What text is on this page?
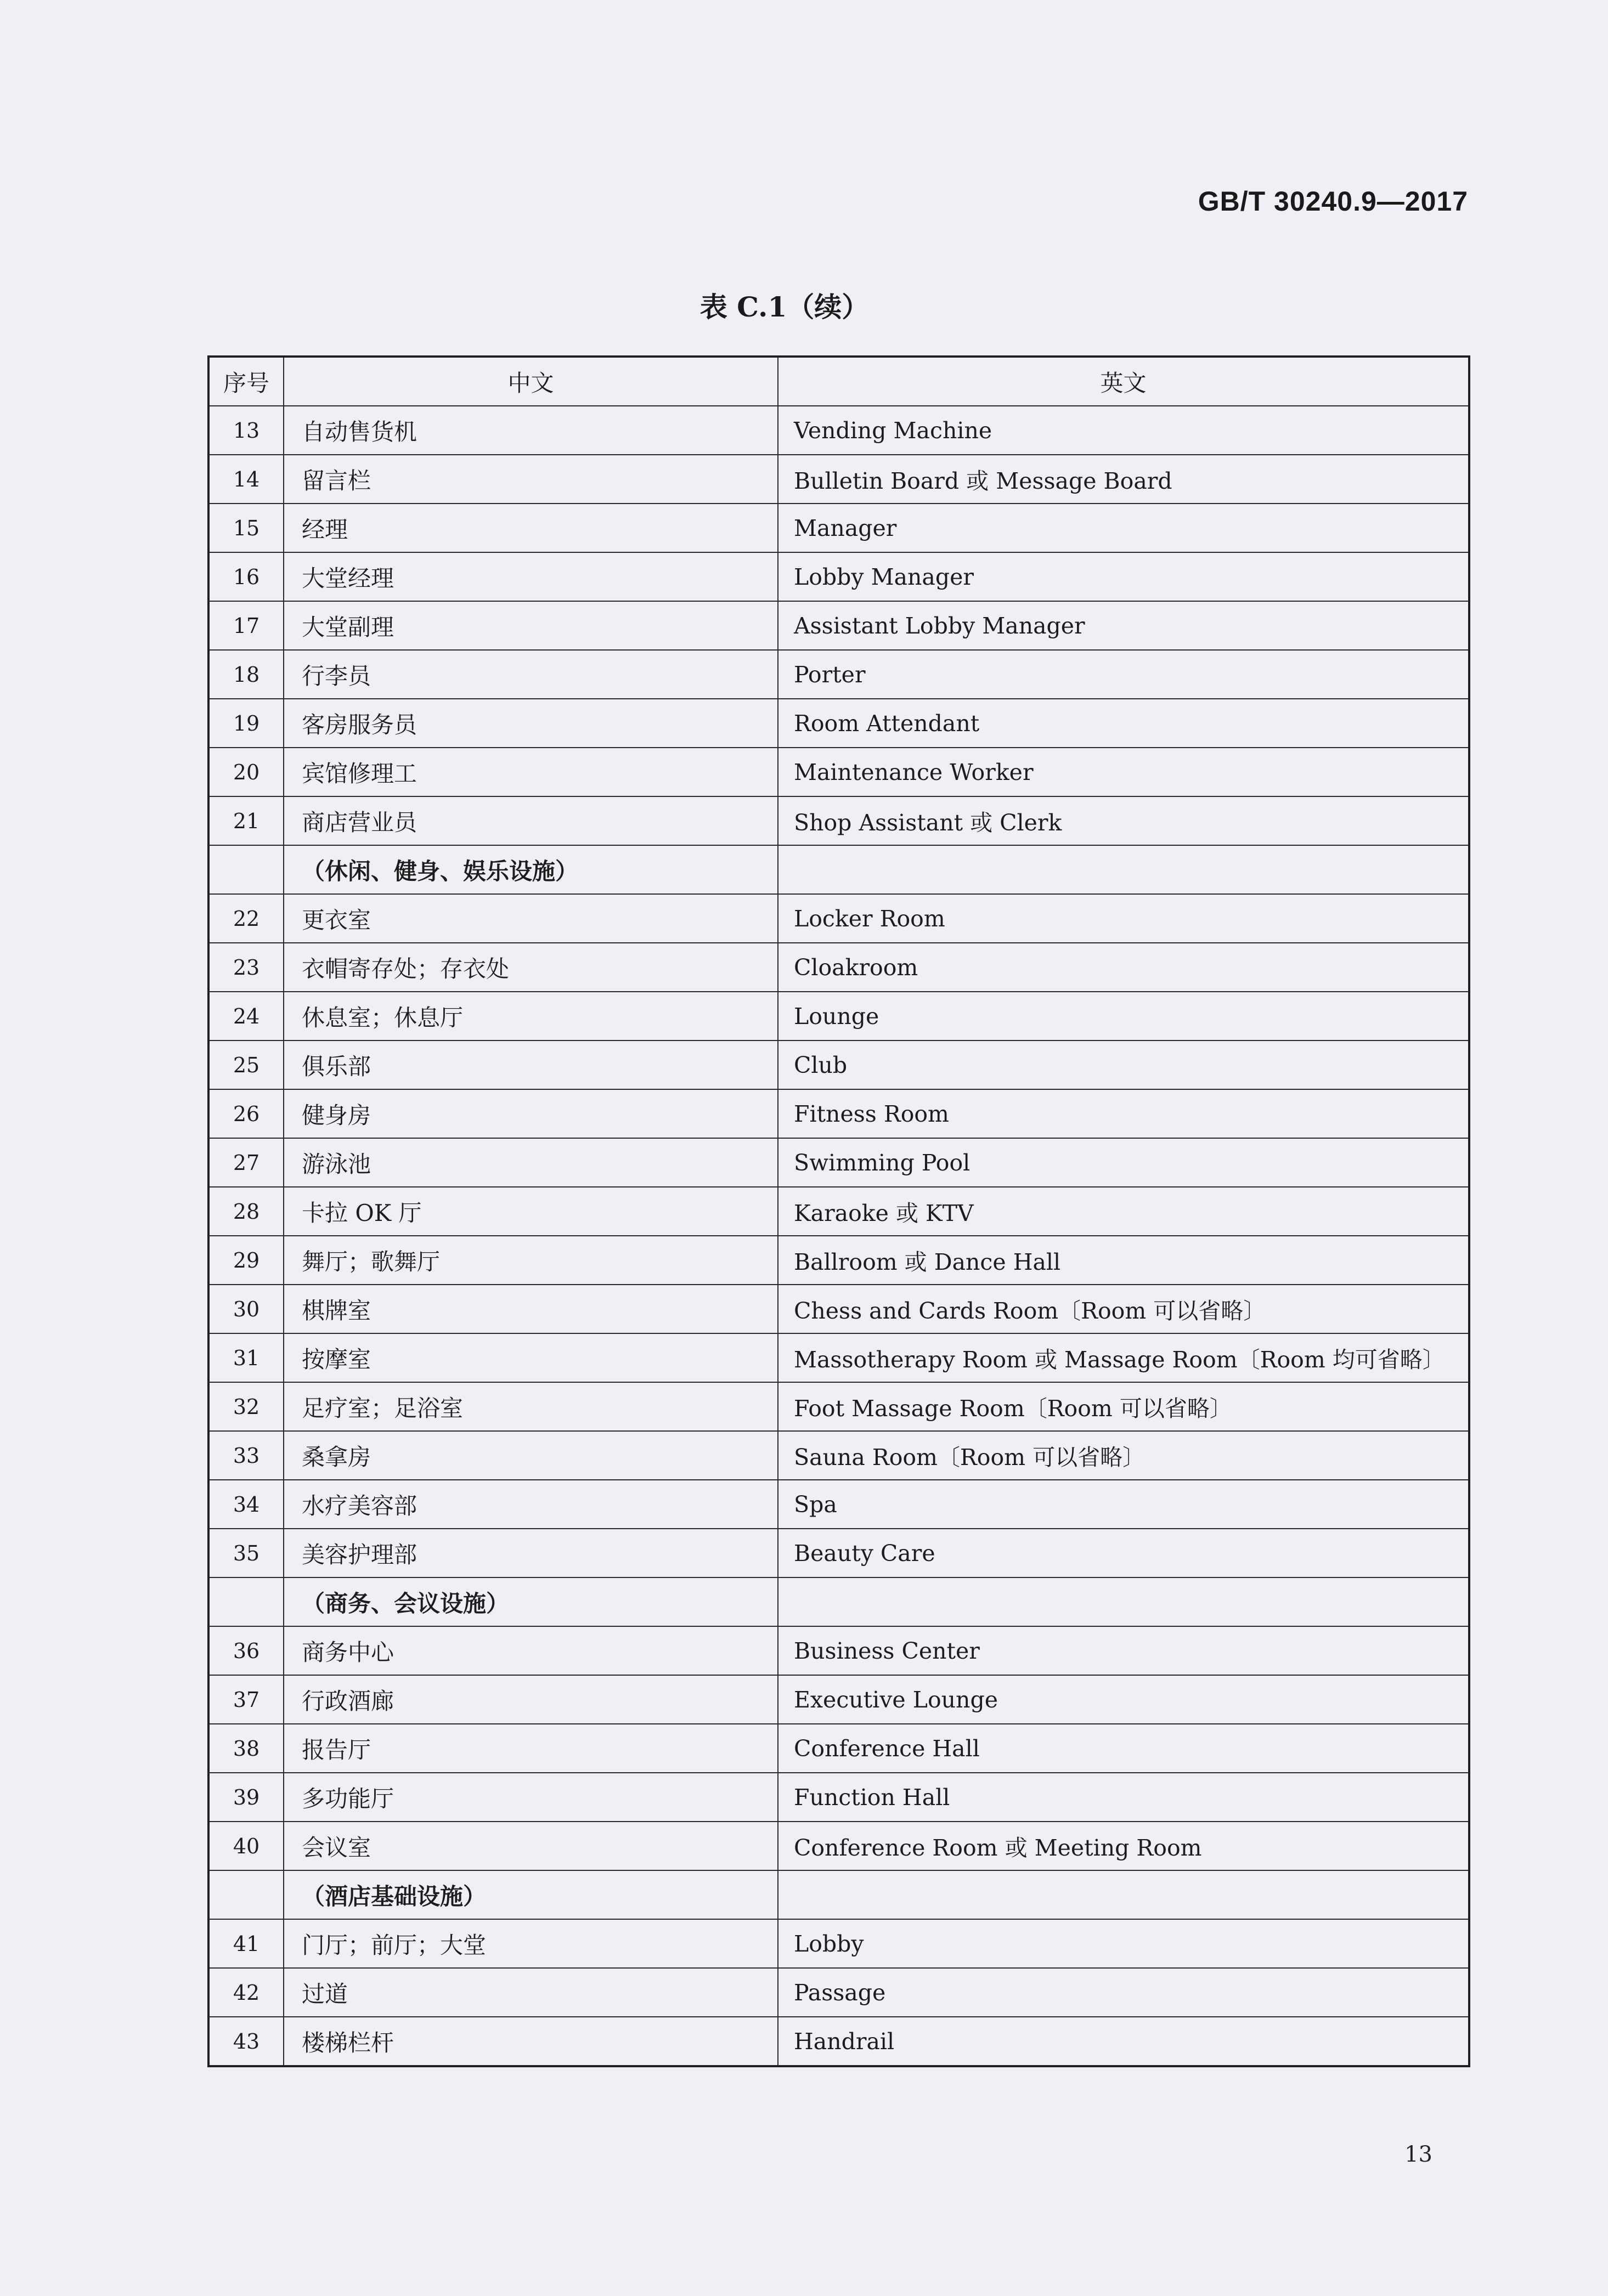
GB/T 30240.9—2017
表 C.1（续）
序号	中文	英文
13	自动售货机	Vending Machine
14	留言栏	Bulletin Board 或 Message Board
15	经理	Manager
16	大堂经理	Lobby Manager
17	大堂副理	Assistant Lobby Manager
18	行李员	Porter
19	客房服务员	Room Attendant
20	宾馆修理工	Maintenance Worker
21	商店营业员	Shop Assistant 或 Clerk
	（休闲、健身、娱乐设施）	
22	更衣室	Locker Room
23	衣帽寄存处；存衣处	Cloakroom
24	休息室；休息厅	Lounge
25	俱乐部	Club
26	健身房	Fitness Room
27	游泳池	Swimming Pool
28	卡拉 OK 厅	Karaoke 或 KTV
29	舞厅；歌舞厅	Ballroom 或 Dance Hall
30	棋牌室	Chess and Cards Room〔Room 可以省略〕
31	按摩室	Massotherapy Room 或 Massage Room〔Room 均可省略〕
32	足疗室；足浴室	Foot Massage Room〔Room 可以省略〕
33	桑拿房	Sauna Room〔Room 可以省略〕
34	水疗美容部	Spa
35	美容护理部	Beauty Care
	（商务、会议设施）	
36	商务中心	Business Center
37	行政酒廊	Executive Lounge
38	报告厅	Conference Hall
39	多功能厅	Function Hall
40	会议室	Conference Room 或 Meeting Room
	（酒店基础设施）	
41	门厅；前厅；大堂	Lobby
42	过道	Passage
43	楼梯栏杆	Handrail
13
